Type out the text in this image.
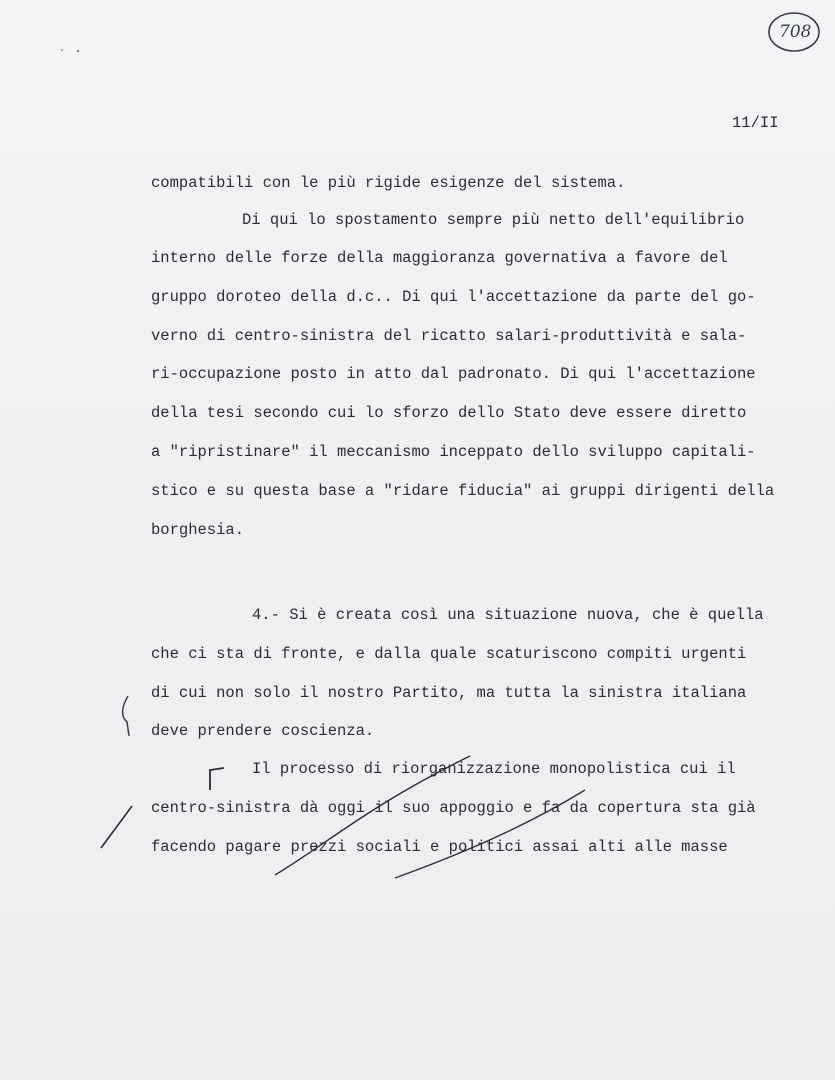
708
11/II
compatibili con le più rigide esigenze del sistema.
Di qui lo spostamento sempre più netto dell'equilibrio
interno delle forze della maggioranza governativa a favore del
gruppo doroteo della d.c.. Di qui l'accettazione da parte del go-
verno di centro-sinistra del ricatto salari-produttività e sala-
ri-occupazione posto in atto dal padronato. Di qui l'accettazione
della tesi secondo cui lo sforzo dello Stato deve essere diretto
a "ripristinare" il meccanismo inceppato dello sviluppo capitali-
stico e su questa base a "ridare fiducia" ai gruppi dirigenti della
borghesia.
4.- Si è creata così una situazione nuova, che è quella
che ci sta di fronte, e dalla quale scaturiscono compiti urgenti
di cui non solo il nostro Partito, ma tutta la sinistra italiana
deve prendere coscienza.
Il processo di riorganizzazione monopolistica cui il
centro-sinistra dà oggi il suo appoggio e fa da copertura sta già
facendo pagare prezzi sociali e politici assai alti alle masse
